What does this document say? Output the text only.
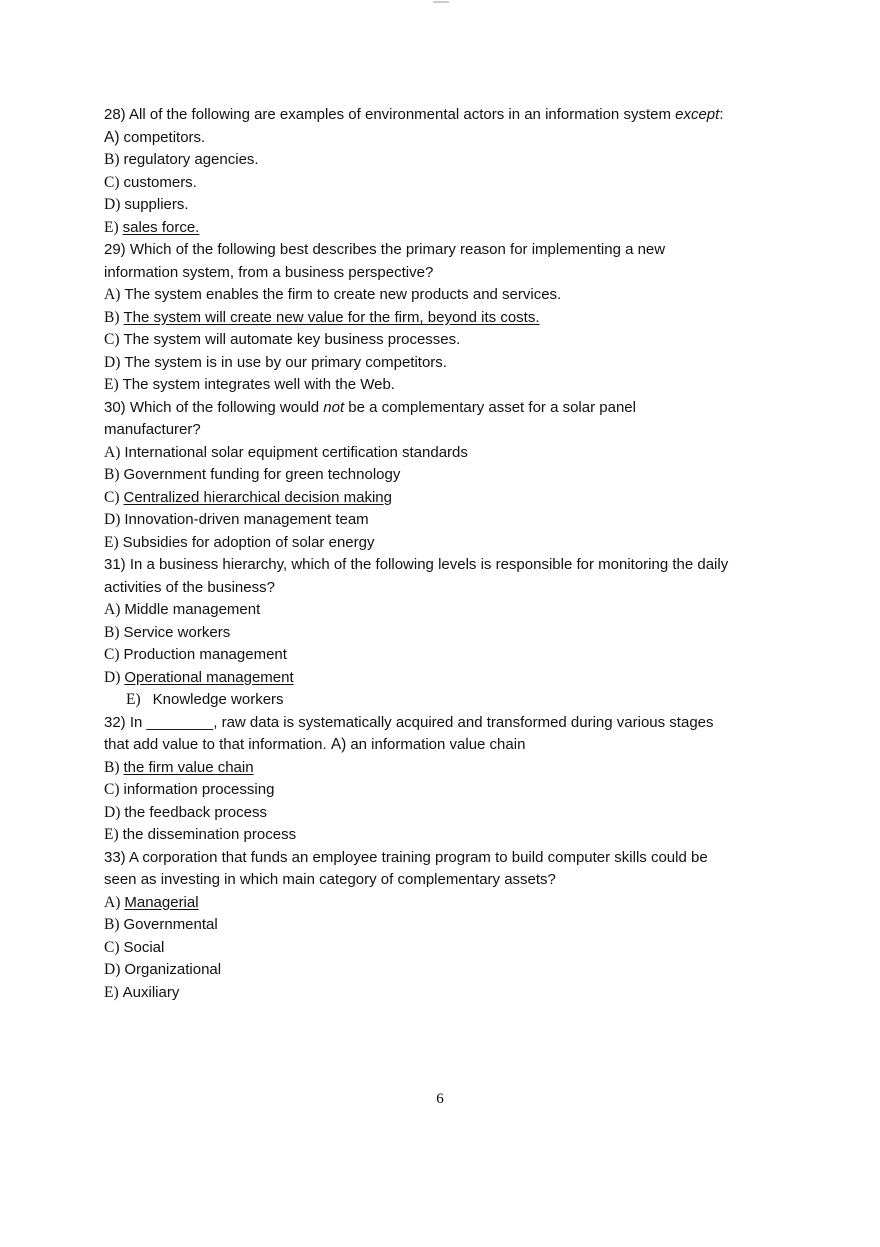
28) All of the following are examples of environmental actors in an information system except:
A) competitors.
B) regulatory agencies.
C) customers.
D) suppliers.
E) sales force.
29) Which of the following best describes the primary reason for implementing a new
information system, from a business perspective?
A) The system enables the firm to create new products and services.
B) The system will create new value for the firm, beyond its costs.
C) The system will automate key business processes.
D) The system is in use by our primary competitors.
E) The system integrates well with the Web.
30) Which of the following would not be a complementary asset for a solar panel
manufacturer?
A) International solar equipment certification standards
B) Government funding for green technology
C) Centralized hierarchical decision making
D) Innovation-driven management team
E) Subsidies for adoption of solar energy
31) In a business hierarchy, which of the following levels is responsible for monitoring the daily
activities of the business?
A) Middle management
B) Service workers
C) Production management
D) Operational management
E) Knowledge workers
32) In ________, raw data is systematically acquired and transformed during various stages
that add value to that information. A) an information value chain
B) the firm value chain
C) information processing
D) the feedback process
E) the dissemination process
33) A corporation that funds an employee training program to build computer skills could be
seen as investing in which main category of complementary assets?
A) Managerial
B) Governmental
C) Social
D) Organizational
E) Auxiliary
6
